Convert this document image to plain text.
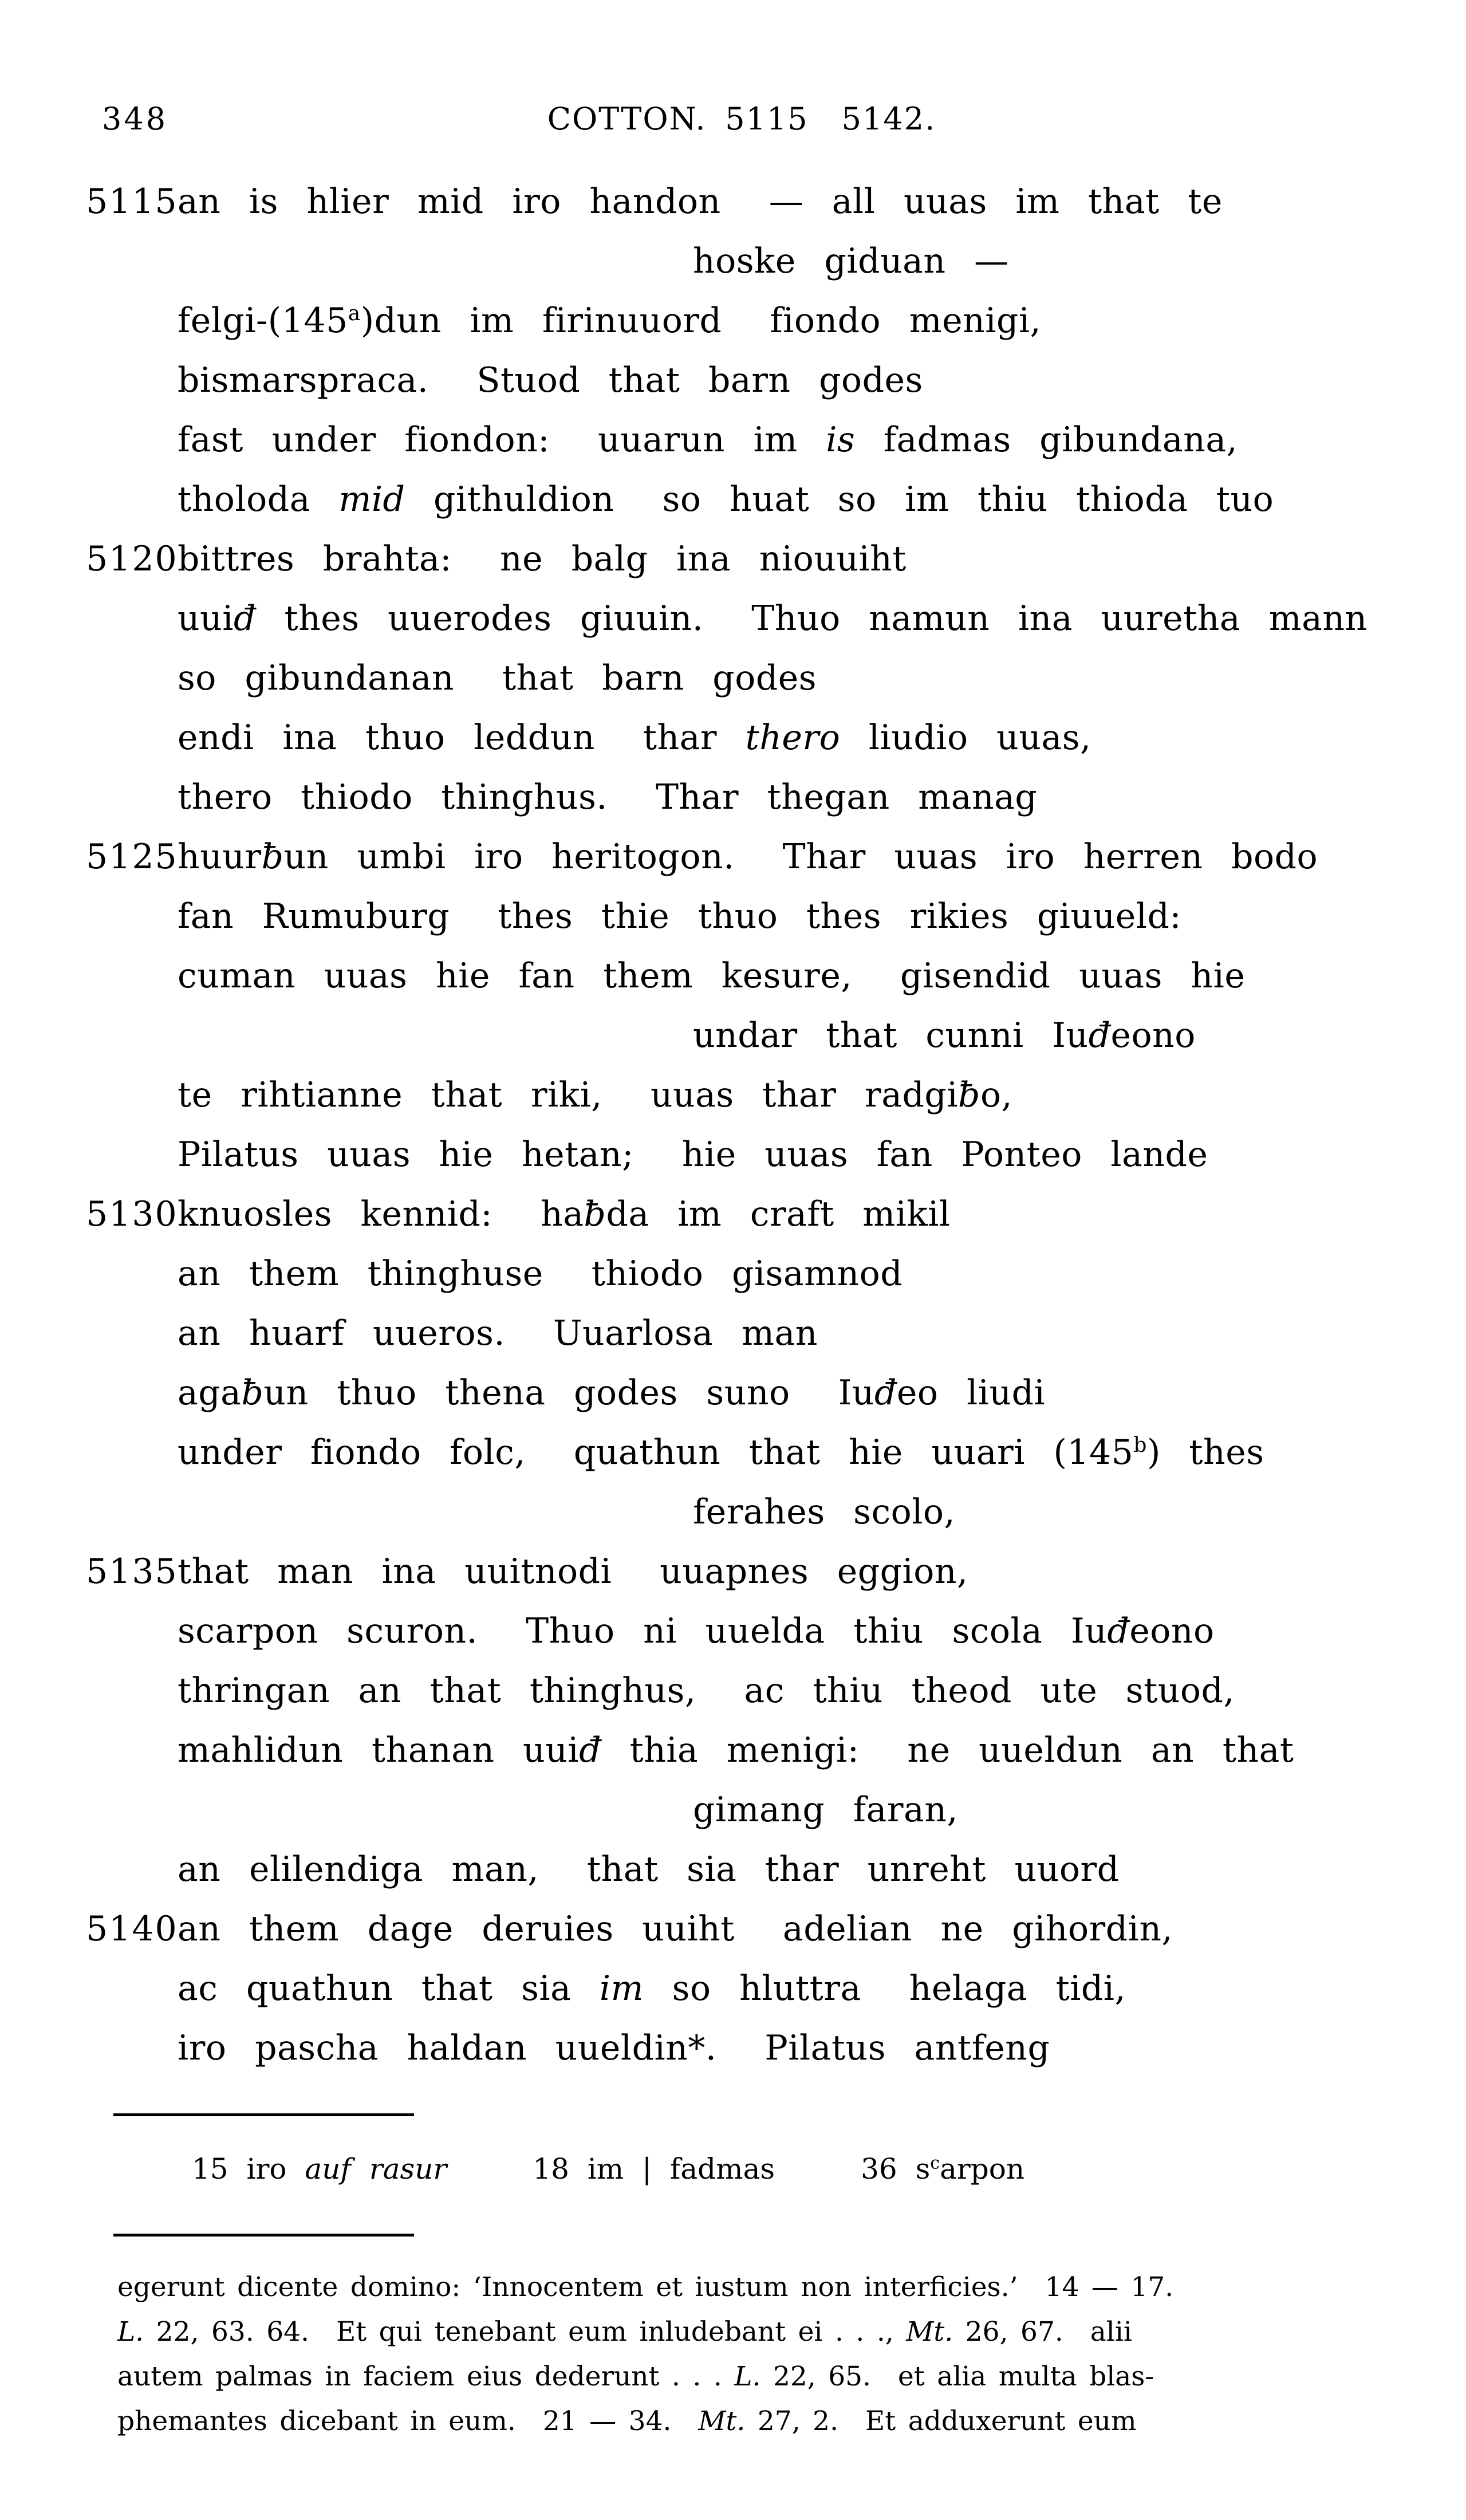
348	COTTON. 5115 5142.
5115 an is hlier mid iro handon — all uuas im that te
hoske giduan —
felgi-(145$^a$)dun im firinuuord fiondo menigi,
bismarspraca. Stuod that barn godes
fast under fiondon: uuarun im is fadmas gibundana,
tholoda mid githuldion so huat so im thiu thioda tuo
5120 bittres brahta: ne balg ina niouuiht
uuiđ thes uuerodes giuuin. Thuo namun ina uuretha mann
so gibundanan that barn godes
endi ina thuo leddun thar thero liudio uuas,
thero thiodo thinghus. Thar thegan manag
5125 huurƀun umbi iro heritogon. Thar uuas iro herren bodo
fan Rumuburg thes thie thuo thes rikies giuueld:
cuman uuas hie fan them kesure, gisendid uuas hie
undar that cunni Iuđeono
te rihtianne that riki, uuas thar radgiƀo,
Pilatus uuas hie hetan; hie uuas fan Ponteo lande
5130 knuosles kennid: haƀda im craft mikil
an them thinghuse thiodo gisamnod
an huarf uueros. Uuarlosa man
agaƀun thuo thena godes suno Iuđeo liudi
under fiondo folc, quathun that hie uuari (145$^b$) thes
ferahes scolo,
5135 that man ina uuitnodi uuapnes eggion,
scarpon scuron. Thuo ni uuelda thiu scola Iuđeono
thringan an that thinghus, ac thiu theod ute stuod,
mahlidun thanan uuiđ thia menigi: ne uueldun an that
gimang faran,
an elilendiga man, that sia thar unreht uuord
5140 an them dage deruies uuiht adelian ne gihordin,
ac quathun that sia im so hluttra helaga tidi,
iro pascha haldan uueldin*. Pilatus antfeng
15 iro auf rasur	18 im | fadmas	36 $s^carpon$
egerunt dicente domino: ‘Innocentem et iustum non interficies.’ 14 — 17.
L. 22, 63. 64. Et qui tenebant eum inludebant ei . . ., Mt. 26, 67. alii
autem palmas in faciem eius dederunt . . . L. 22, 65. et alia multa blas-
phemantes dicebant in eum. 21 — 34. Mt. 27, 2. Et adduxerunt eum
